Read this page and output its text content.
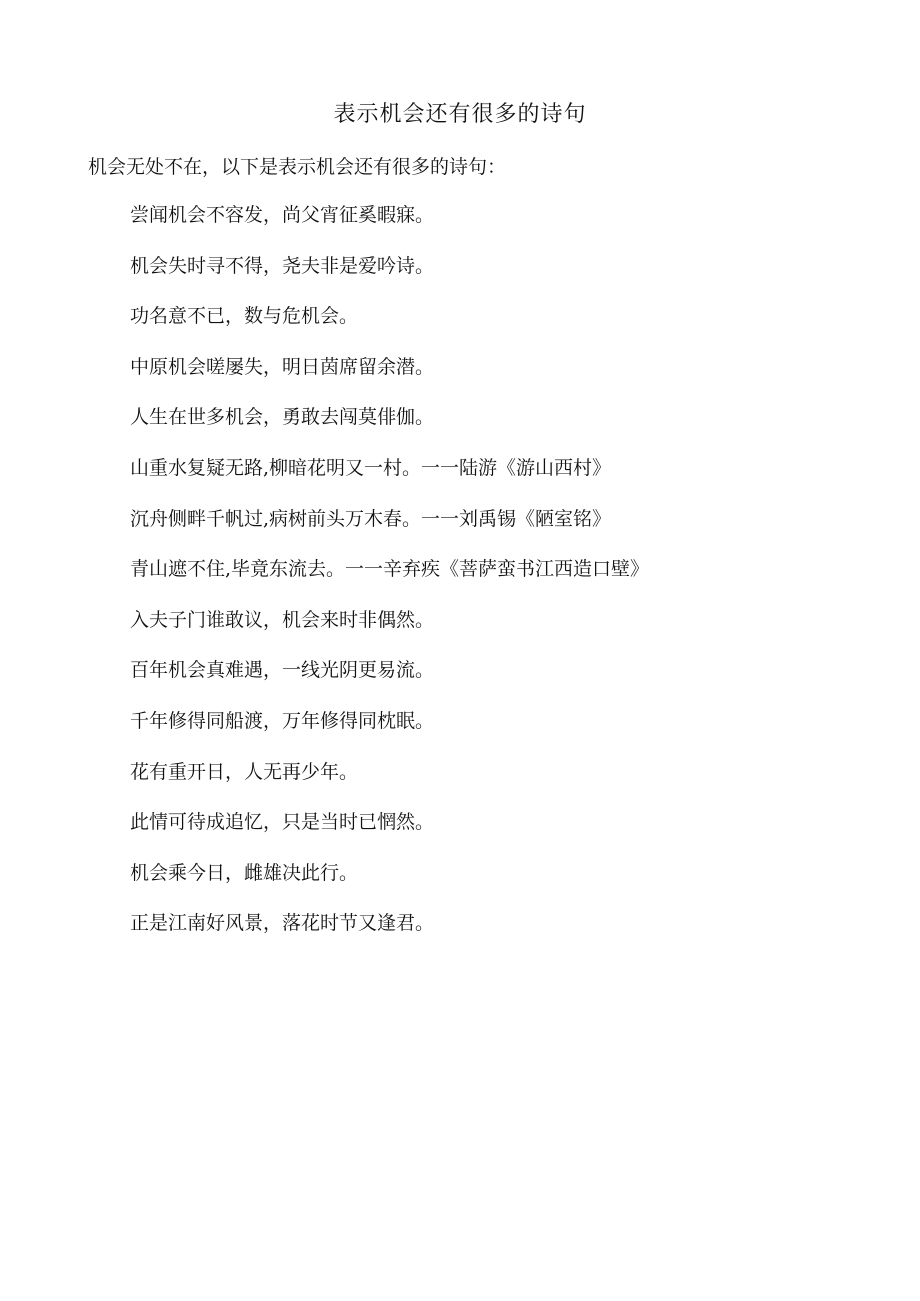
表示机会还有很多的诗句
机会无处不在，以下是表示机会还有很多的诗句：
尝闻机会不容发，尚父宵征奚暇寐。
机会失时寻不得，尧夫非是爱吟诗。
功名意不已，数与危机会。
中原机会嗟屡失，明日茵席留余潜。
人生在世多机会，勇敢去闯莫俳伽。
山重水复疑无路,柳暗花明又一村。一一陆游《游山西村》
沉舟侧畔千帆过,病树前头万木春。一一刘禹锡《陋室铭》
青山遮不住,毕竟东流去。一一辛弃疾《菩萨蛮书江西造口壁》
入夫子门谁敢议，机会来时非偶然。
百年机会真难遇，一线光阴更易流。
千年修得同船渡，万年修得同枕眠。
花有重开日，人无再少年。
此情可待成追忆，只是当时已惘然。
机会乘今日，雌雄决此行。
正是江南好风景，落花时节又逢君。
